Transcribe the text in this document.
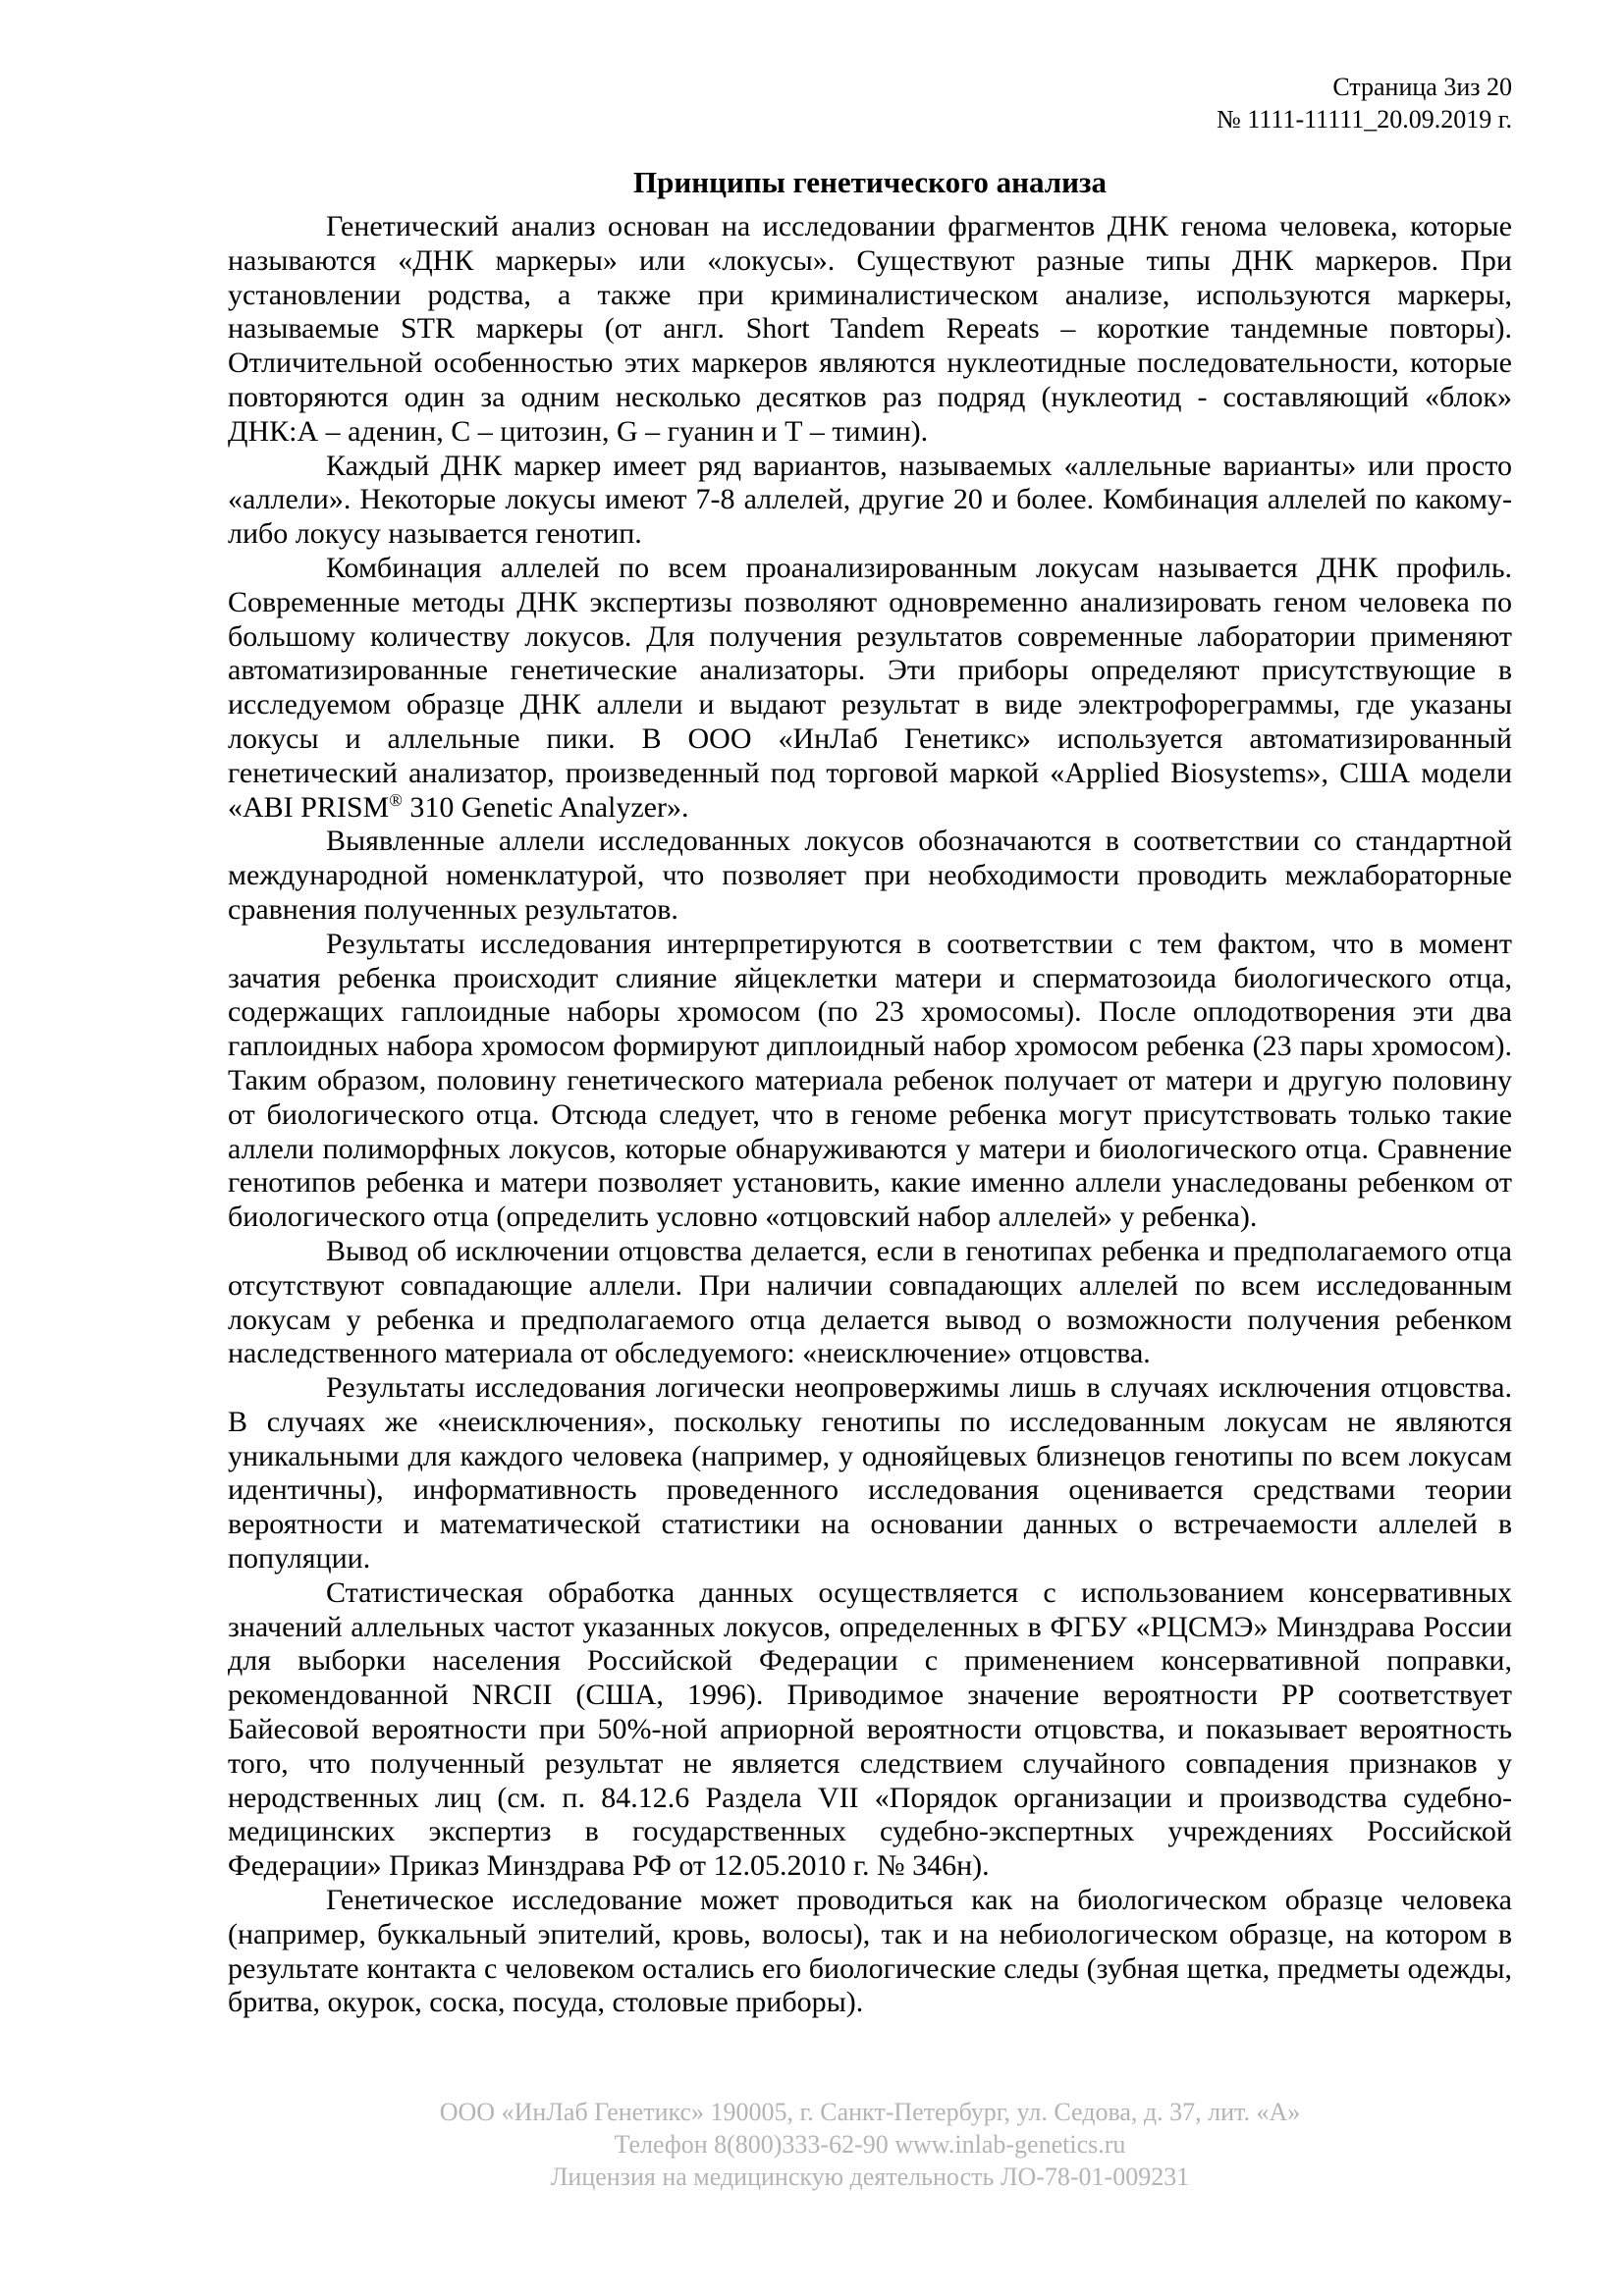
Страница 3из 20
№ 1111-11111_20.09.2019 г.
Принципы генетического анализа

Генетический анализ основан на исследовании фрагментов ДНК генома человека, которые называются «ДНК маркеры» или «локусы». Существуют разные типы ДНК маркеров. При установлении родства, а также при криминалистическом анализе, используются маркеры, называемые STR маркеры (от англ. Short Tandem Repeats – короткие тандемные повторы). Отличительной особенностью этих маркеров являются нуклеотидные последовательности, которые повторяются один за одним несколько десятков раз подряд (нуклеотид - составляющий «блок» ДНК:А – аденин, С – цитозин, G – гуанин и Т – тимин).

Каждый ДНК маркер имеет ряд вариантов, называемых «аллельные варианты» или просто «аллели». Некоторые локусы имеют 7-8 аллелей, другие 20 и более. Комбинация аллелей по какому-либо локусу называется генотип.

Комбинация аллелей по всем проанализированным локусам называется ДНК профиль. Современные методы ДНК экспертизы позволяют одновременно анализировать геном человека по большому количеству локусов. Для получения результатов современные лаборатории применяют автоматизированные генетические анализаторы. Эти приборы определяют присутствующие в исследуемом образце ДНК аллели и выдают результат в виде электрофореграммы, где указаны локусы и аллельные пики. В ООО «ИнЛаб Генетикс» используется автоматизированный генетический анализатор, произведенный под торговой маркой «Applied Biosystems», США модели «ABI PRISM® 310 Genetic Analyzer».

Выявленные аллели исследованных локусов обозначаются в соответствии со стандартной международной номенклатурой, что позволяет при необходимости проводить межлабораторные сравнения полученных результатов.

Результаты исследования интерпретируются в соответствии с тем фактом, что в момент зачатия ребенка происходит слияние яйцеклетки матери и сперматозоида биологического отца, содержащих гаплоидные наборы хромосом (по 23 хромосомы). После оплодотворения эти два гаплоидных набора хромосом формируют диплоидный набор хромосом ребенка (23 пары хромосом). Таким образом, половину генетического материала ребенок получает от матери и другую половину от биологического отца. Отсюда следует, что в геноме ребенка могут присутствовать только такие аллели полиморфных локусов, которые обнаруживаются у матери и биологического отца. Сравнение генотипов ребенка и матери позволяет установить, какие именно аллели унаследованы ребенком от биологического отца (определить условно «отцовский набор аллелей» у ребенка).

Вывод об исключении отцовства делается, если в генотипах ребенка и предполагаемого отца отсутствуют совпадающие аллели. При наличии совпадающих аллелей по всем исследованным локусам у ребенка и предполагаемого отца делается вывод о возможности получения ребенком наследственного материала от обследуемого: «неисключение» отцовства.

Результаты исследования логически неопровержимы лишь в случаях исключения отцовства. В случаях же «неисключения», поскольку генотипы по исследованным локусам не являются уникальными для каждого человека (например, у однояйцевых близнецов генотипы по всем локусам идентичны), информативность проведенного исследования оценивается средствами теории вероятности и математической статистики на основании данных о встречаемости аллелей в популяции.

Статистическая обработка данных осуществляется с использованием консервативных значений аллельных частот указанных локусов, определенных в ФГБУ «РЦСМЭ» Минздрава России для выборки населения Российской Федерации с применением консервативной поправки, рекомендованной NRCII (США, 1996). Приводимое значение вероятности РР соответствует Байесовой вероятности при 50%-ной априорной вероятности отцовства, и показывает вероятность того, что полученный результат не является следствием случайного совпадения признаков у неродственных лиц (см. п. 84.12.6 Раздела VII «Порядок организации и производства судебно-медицинских экспертиз в государственных судебно-экспертных учреждениях Российской Федерации» Приказ Минздрава РФ от 12.05.2010 г. № 346н).

Генетическое исследование может проводиться как на биологическом образце человека (например, буккальный эпителий, кровь, волосы), так и на небиологическом образце, на котором в результате контакта с человеком остались его биологические следы (зубная щетка, предметы одежды, бритва, окурок, соска, посуда, столовые приборы).

ООО «ИнЛаб Генетикс» 190005, г. Санкт-Петербург, ул. Седова, д. 37, лит. «А»
Телефон 8(800)333-62-90 www.inlab-genetics.ru
Лицензия на медицинскую деятельность ЛО-78-01-009231
